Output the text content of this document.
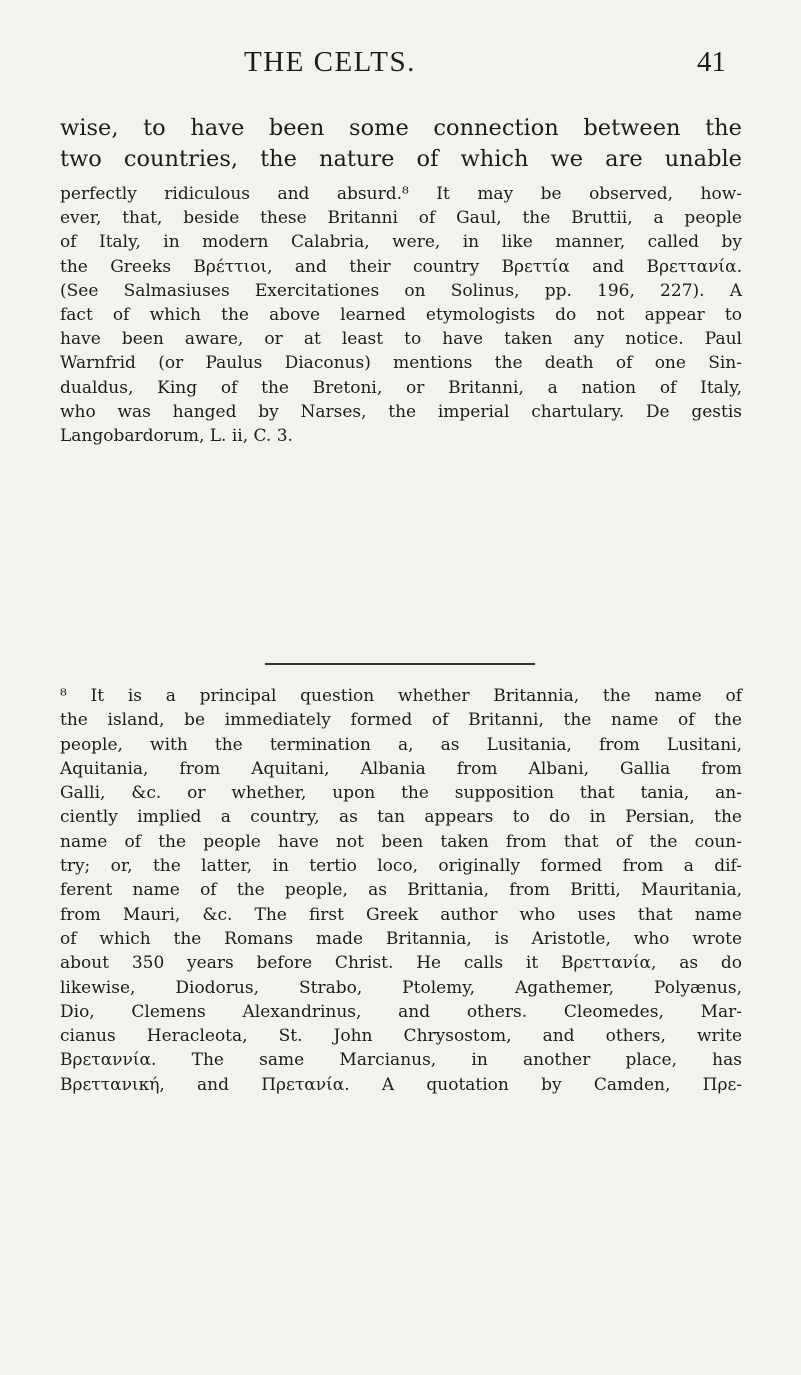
THE CELTS.	41
wise, to have been some connection between the
two countries, the nature of which we are unable
perfectly ridiculous and absurd.⁸ It may be observed, how-
ever, that, beside these Britanni of Gaul, the Bruttii, a people
of Italy, in modern Calabria, were, in like manner, called by
the Greeks Βρέττιοι, and their country Βρεττία and Βρεττανία.
(See Salmasiuses Exercitationes on Solinus, pp. 196, 227). A
fact of which the above learned etymologists do not appear to
have been aware, or at least to have taken any notice. Paul
Warnfrid (or Paulus Diaconus) mentions the death of one Sin-
dualdus, King of the Bretoni, or Britanni, a nation of Italy,
who was hanged by Narses, the imperial chartulary. De gestis
Langobardorum, L. ii, C. 3.
⁸ It is a principal question whether Britannia, the name of
the island, be immediately formed of Britanni, the name of the
people, with the termination a, as Lusitania, from Lusitani,
Aquitania, from Aquitani, Albania from Albani, Gallia from
Galli, &c. or whether, upon the supposition that tania, an-
ciently implied a country, as tan appears to do in Persian, the
name of the people have not been taken from that of the coun-
try; or, the latter, in tertio loco, originally formed from a dif-
ferent name of the people, as Brittania, from Britti, Mauritania,
from Mauri, &c. The first Greek author who uses that name
of which the Romans made Britannia, is Aristotle, who wrote
about 350 years before Christ. He calls it Βρεττανία, as do
likewise, Diodorus, Strabo, Ptolemy, Agathemer, Polyænus,
Dio, Clemens Alexandrinus, and others. Cleomedes, Mar-
cianus Heracleota, St. John Chrysostom, and others, write
Βρεταννία. The same Marcianus, in another place, has
Βρεττανική, and Πρετανία. A quotation by Camden, Πρε-
